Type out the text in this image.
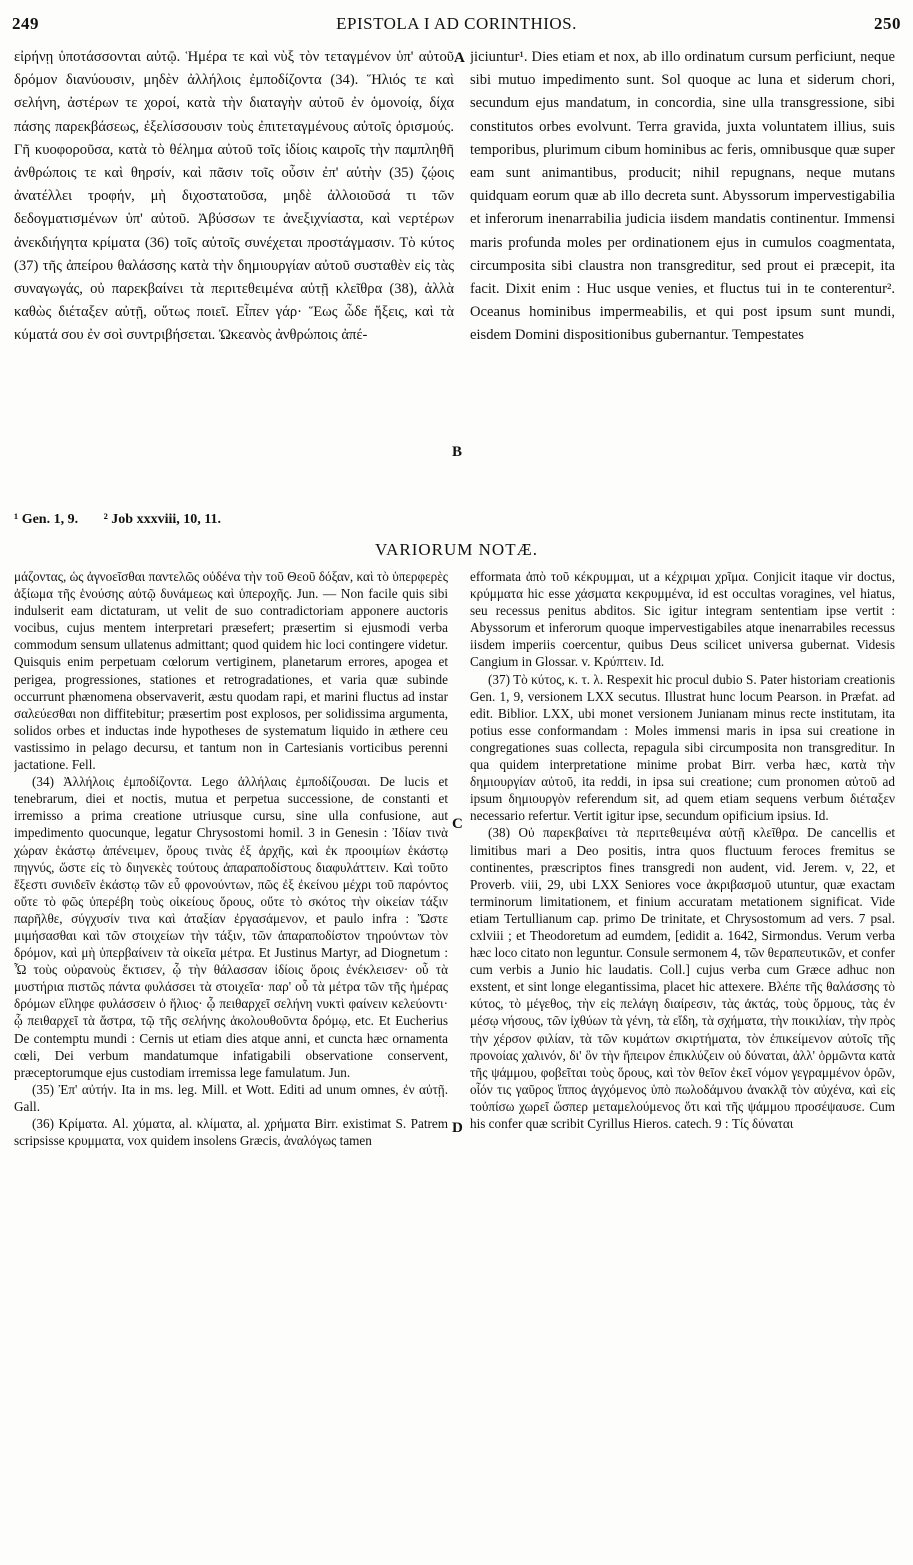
249	EPISTOLA I AD CORINTHIOS.	250

εἰρήνῃ ὑποτάσσονται αὐτῷ. Ἡμέρα τε καὶ νὺξ τὸν τεταγμένον ὑπ' αὐτοῦ δρόμον διανύουσιν, μηδὲν ἀλλήλοις ἐμποδίζοντα (34). Ἥλιός τε καὶ σελήνη, ἀστέρων τε χοροί, κατὰ τὴν διαταγὴν αὐτοῦ ἐν ὁμονοίᾳ, δίχα πάσης παρεκβάσεως, ἐξελίσσουσιν τοὺς ἐπιτεταγμένους αὐτοῖς ὁρισμούς. Γῆ κυοφοροῦσα, κατὰ τὸ θέλημα αὐτοῦ τοῖς ἰδίοις καιροῖς τὴν παμπληθῆ ἀνθρώποις τε καὶ θηρσίν, καὶ πᾶσιν τοῖς οὖσιν ἐπ' αὐτὴν (35) ζῴοις ἀνατέλλει τροφήν, μὴ διχοστατοῦσα, μηδὲ ἀλλοιοῦσά τι τῶν δεδογματισμένων ὑπ' αὐτοῦ. Ἀβύσσων τε ἀνεξιχνίαστα, καὶ νερτέρων ἀνεκδιήγητα κρίματα (36) τοῖς αὐτοῖς συνέχεται προστάγμασιν. Τὸ κύτος (37) τῆς ἀπείρου θαλάσσης κατὰ τὴν δημιουργίαν αὐτοῦ συσταθὲν εἰς τὰς συναγωγάς, οὐ παρεκβαίνει τὰ περιτεθειμένα αὐτῇ κλεῖθρα (38), ἀλλὰ καθὼς διέταξεν αὐτῇ, οὕτως ποιεῖ. Εἶπεν γάρ· Ἕως ὧδε ἥξεις, καὶ τὰ κύματά σου ἐν σοὶ συντριβήσεται. Ὠκεανὸς ἀνθρώποις ἀπέ-

A
B

jiciuntur¹. Dies etiam et nox, ab illo ordinatum cursum perficiunt, neque sibi mutuo impedimento sunt. Sol quoque ac luna et siderum chori, secundum ejus mandatum, in concordia, sine ulla transgressione, sibi constitutos orbes evolvunt. Terra gravida, juxta voluntatem illius, suis temporibus, plurimum cibum hominibus ac feris, omnibusque quæ super eam sunt animantibus, producit; nihil repugnans, neque mutans quidquam eorum quæ ab illo decreta sunt. Abyssorum impervestigabilia et inferorum inenarrabilia judicia iisdem mandatis continentur. Immensi maris profunda moles per ordinationem ejus in cumulos coagmentata, circumposita sibi claustra non transgreditur, sed prout ei præcepit, ita facit. Dixit enim : Huc usque venies, et fluctus tui in te conterentur². Oceanus hominibus impermeabilis, et qui post ipsum sunt mundi, eisdem Domini dispositionibus gubernantur. Tempestates

¹ Gen. 1, 9. ² Job xxxviii, 10, 11.
VARIORUM NOTÆ.

μάζοντας, ὡς ἀγνοεῖσθαι παντελῶς οὐδένα τὴν τοῦ Θεοῦ δόξαν, καὶ τὸ ὑπερφερὲς ἀξίωμα τῆς ἑνούσης αὐτῷ δυνάμεως καὶ ὑπεροχῆς. Jun. — Non facile quis sibi indulserit eam dictaturam, ut velit de suo contradictoriam apponere auctoris vocibus, cujus mentem interpretari præsefert; præsertim si ejusmodi verba commodum sensum ullatenus admittant; quod quidem hic loci contingere videtur. Quisquis enim perpetuam cœlorum vertiginem, planetarum errores, apogea et perigea, progressiones, stationes et retrogradationes, et varia quæ subinde occurrunt phænomena observaverit, æstu quodam rapi, et marini fluctus ad instar σαλεύεσθαι non diffitebitur; præsertim post explosos, per solidissima argumenta, solidos orbes et inductas inde hypotheses de systematum liquido in æthere ceu vastissimo in pelago decursu, et tantum non in Cartesianis vorticibus perenni jactatione. Fell.

(34) Ἀλλήλοις ἐμποδίζοντα. Lego ἀλλήλαις ἐμποδίζουσαι. De lucis et tenebrarum, diei et noctis, mutua et perpetua successione, de constanti et irremisso a prima creatione utriusque cursu, sine ulla confusione, aut impedimento quocunque, legatur Chrysostomi homil. 3 in Genesin : Ἰδίαν τινὰ χώραν ἑκάστῳ ἀπένειμεν, ὅρους τινὰς ἐξ ἀρχῆς, καὶ ἐκ προοιμίων ἑκάστῳ πηγνύς, ὥστε εἰς τὸ διηνεκὲς τούτους ἀπαραποδίστους διαφυλάττειν. Καὶ τοῦτο ἔξεστι συνιδεῖν ἑκάστῳ τῶν εὖ φρονούντων, πῶς ἐξ ἐκείνου μέχρι τοῦ παρόντος οὔτε τὸ φῶς ὑπερέβη τοὺς οἰκείους ὅρους, οὔτε τὸ σκότος τὴν οἰκείαν τάξιν παρῆλθε, σύγχυσίν τινα καὶ ἀταξίαν ἐργασάμενον, et paulo infra : Ὥστε μιμήσασθαι καὶ τῶν στοιχείων τὴν τάξιν, τῶν ἀπαραποδίστον τηρούντων τὸν δρόμον, καὶ μὴ ὑπερβαίνειν τὰ οἰκεῖα μέτρα. Et Justinus Martyr, ad Diognetum : Ὦ τοὺς οὐρανοὺς ἔκτισεν, ᾧ τὴν θάλασσαν ἰδίοις ὅροις ἐνέκλεισεν· οὗ τὰ μυστήρια πιστῶς πάντα φυλάσσει τὰ στοιχεῖα· παρ' οὗ τὰ μέτρα τῶν τῆς ἡμέρας δρόμων εἴληφε φυλάσσειν ὁ ἥλιος· ᾧ πειθαρχεῖ σελήνη νυκτὶ φαίνειν κελεύοντι· ᾧ πειθαρχεῖ τὰ ἄστρα, τῷ τῆς σελήνης ἀκολουθοῦντα δρόμῳ, etc. Et Eucherius De contemptu mundi : Cernis ut etiam dies atque anni, et cuncta hæc ornamenta cœli, Dei verbum mandatumque infatigabili observatione conservent, præceptorumque ejus custodiam irremissa lege famulatum. Jun.

(35) Ἐπ' αὐτήν. Ita in ms. leg. Mill. et Wott. Editi ad unum omnes, ἐν αὐτῇ. Gall.

(36) Κρίματα. Al. χύματα, al. κλίματα, al. χρήματα Birr. existimat S. Patrem scripsisse κρυμματα, vox quidem insolens Græcis, ἀναλόγως tamen

C
D

efformata ἀπὸ τοῦ κέκρυμμαι, ut a κέχριμαι χρῖμα. Conjicit itaque vir doctus, κρύμματα hic esse χάσματα κεκρυμμένα, id est occultas voragines, vel hiatus, seu recessus penitus abditos. Sic igitur integram sententiam ipse vertit : Abyssorum et inferorum quoque impervestigabiles atque inenarrabiles recessus iisdem imperiis coercentur, quibus Deus scilicet universa gubernat. Videsis Cangium in Glossar. v. Κρύπτειν. Id.

(37) Τὸ κύτος, κ. τ. λ. Respexit hic procul dubio S. Pater historiam creationis Gen. 1, 9, versionem LXX secutus. Illustrat hunc locum Pearson. in Præfat. ad edit. Biblior. LXX, ubi monet versionem Junianam minus recte institutam, ita potius esse conformandam : Moles immensi maris in ipsa sui creatione in congregationes suas collecta, repagula sibi circumposita non transgreditur. In qua quidem interpretatione minime probat Birr. verba hæc, κατὰ τὴν δημιουργίαν αὐτοῦ, ita reddi, in ipsa sui creatione; cum pronomen αὐτοῦ ad ipsum δημιουργὸν referendum sit, ad quem etiam sequens verbum διέταξεν necessario refertur. Vertit igitur ipse, secundum opificium ipsius. Id.

(38) Οὐ παρεκβαίνει τὰ περιτεθειμένα αὐτῇ κλεῖθρα. De cancellis et limitibus mari a Deo positis, intra quos fluctuum feroces fremitus se continentes, præscriptos fines transgredi non audent, vid. Jerem. v, 22, et Proverb. viii, 29, ubi LXX Seniores voce ἀκριβασμοῦ utuntur, quæ exactam terminorum limitationem, et finium accuratam metationem significat. Vide etiam Tertullianum cap. primo De trinitate, et Chrysostomum ad vers. 7 psal. cxlviii ; et Theodoretum ad eumdem, [edidit a. 1642, Sirmondus. Verum verba hæc loco citato non leguntur. Consule sermonem 4, τῶν θεραπευτικῶν, et confer cum verbis a Junio hic laudatis. Coll.] cujus verba cum Græce adhuc non exstent, et sint longe elegantissima, placet hic attexere. Βλέπε τῆς θαλάσσης τὸ κύτος, τὸ μέγεθος, τὴν εἰς πελάγη διαίρεσιν, τὰς ἀκτάς, τοὺς ὅρμους, τὰς ἐν μέσῳ νήσους, τῶν ἰχθύων τὰ γένη, τὰ εἴδη, τὰ σχήματα, τὴν ποικιλίαν, τὴν πρὸς τὴν χέρσον φιλίαν, τὰ τῶν κυμάτων σκιρτήματα, τὸν ἐπικείμενον αὐτοῖς τῆς προνοίας χαλινόν, δι' ὃν τὴν ἤπειρον ἐπικλύζειν οὐ δύναται, ἀλλ' ὁρμῶντα κατὰ τῆς ψάμμου, φοβεῖται τοὺς ὅρους, καὶ τὸν θεῖον ἐκεῖ νόμον γεγραμμένον ὁρῶν, οἷόν τις γαῦρος ἵππος ἀγχόμενος ὑπὸ πωλοδάμνου ἀνακλᾷ τὸν αὐχένα, καὶ εἰς τοὐπίσω χωρεῖ ὥσπερ μεταμελούμενος ὅτι καὶ τῆς ψάμμου προσέψαυσε. Cum his confer quæ scribit Cyrillus Hieros. catech. 9 : Τίς δύναται
